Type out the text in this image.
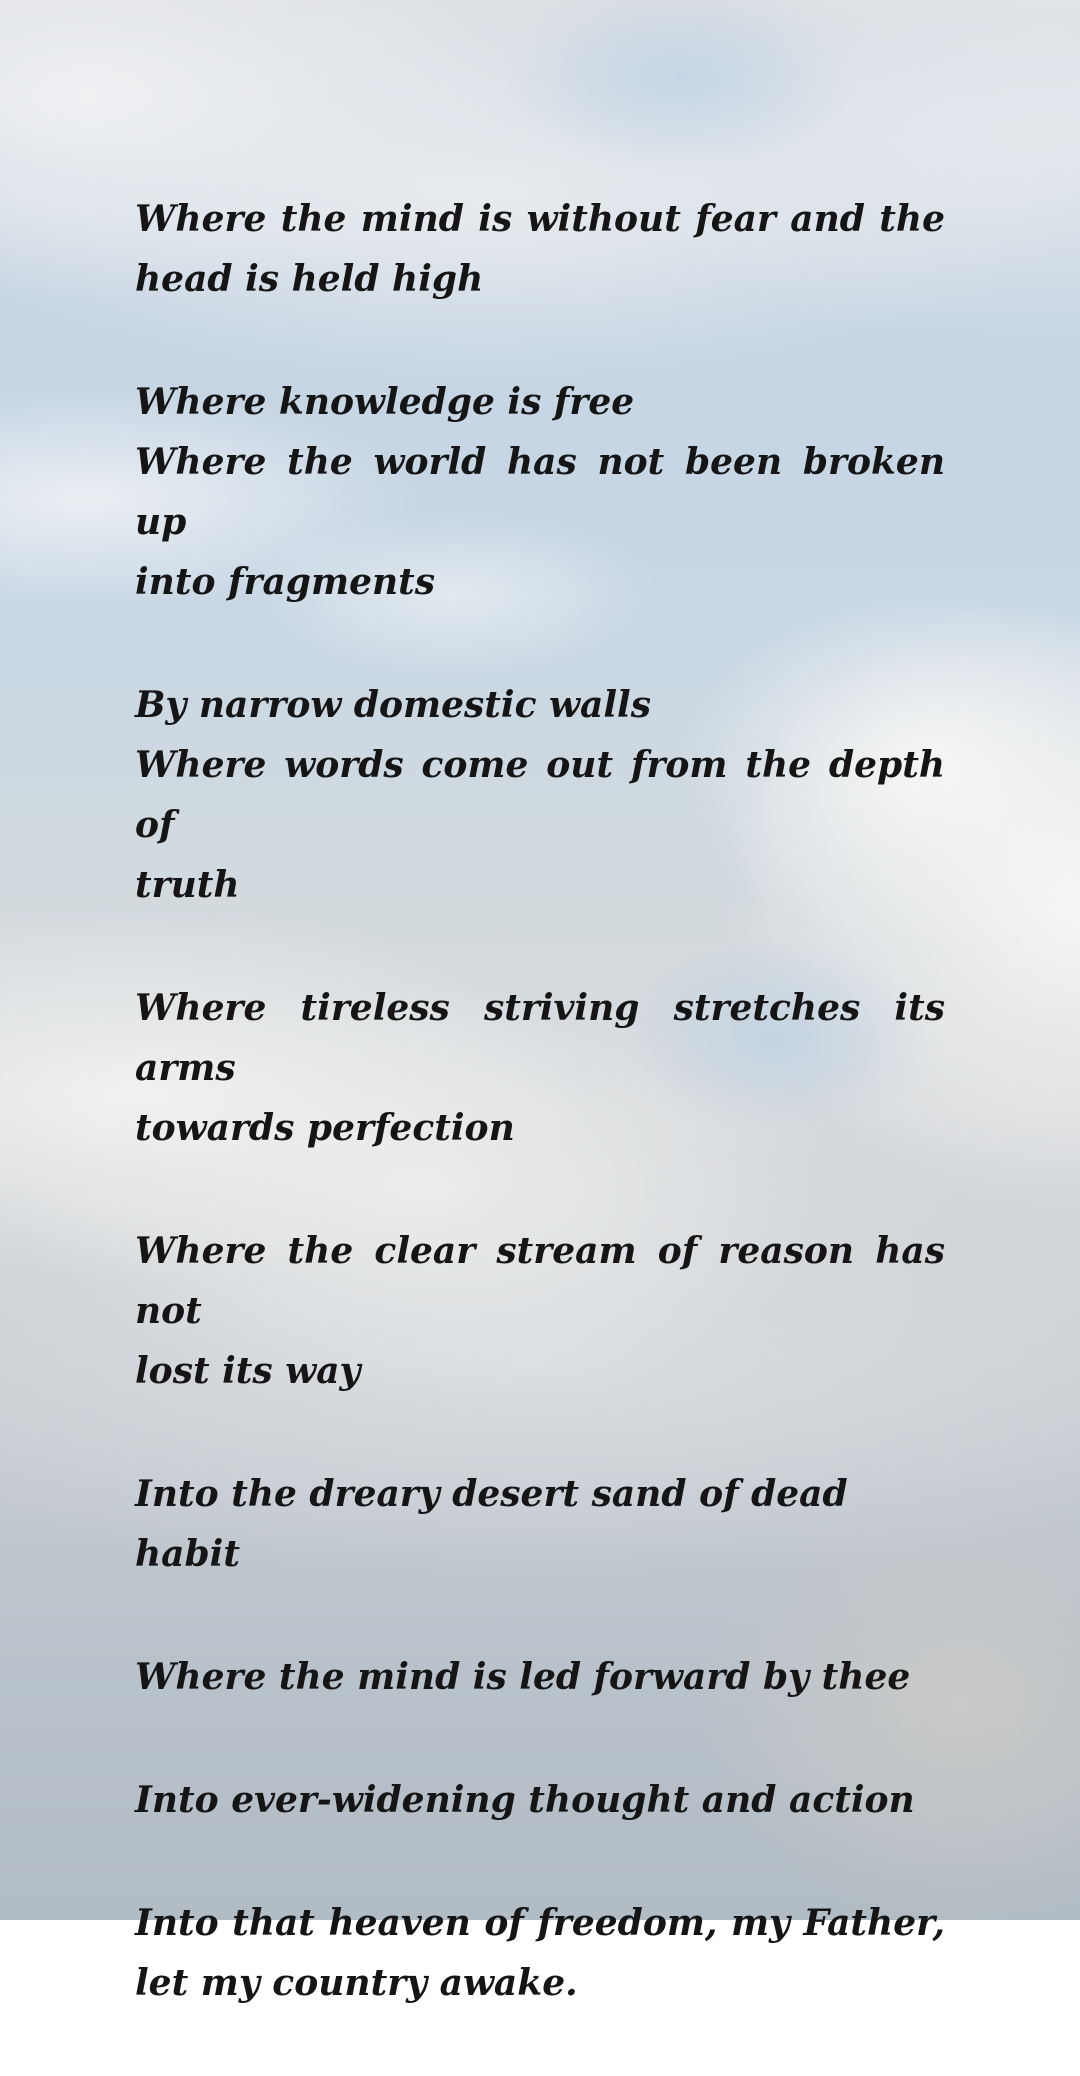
Where the mind is without fear and the
head is held high
Where knowledge is free
Where the world has not been broken up
into fragments
By narrow domestic walls
Where words come out from the depth of
truth
Where tireless striving stretches its arms
towards perfection
Where the clear stream of reason has not
lost its way
Into the dreary desert sand of dead habit
Where the mind is led forward by thee
Into ever-widening thought and action
Into that heaven of freedom, my Father,
let my country awake.
